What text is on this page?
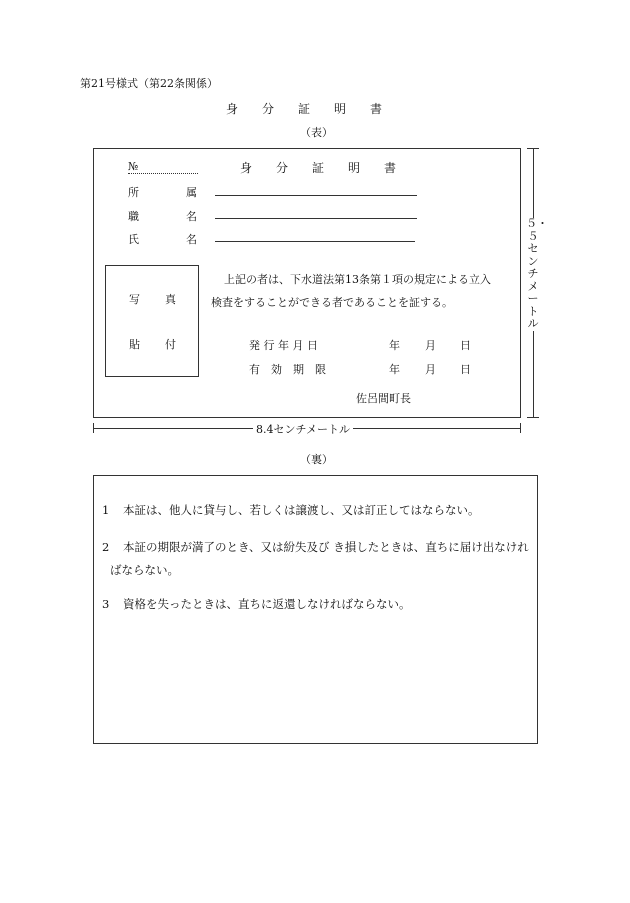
第21号様式（第22条関係）
身　　分　　証　　明　　書
（表）
№	身　　分　　証　　明　　書
所	属
職	名
氏	名
写 真
貼 付
上記の者は、下水道法第13条第１項の規定による立入
検査をすることができる者であることを証する。
発 行 年 月 日	年 月 日
有　効　期　限	年 月 日
佐呂間町長
５・５センチメートル
8.4センチメートル
（裏）
1 本証は、他人に貸与し、若しくは譲渡し、又は訂正してはならない。
2 本証の期限が満了のとき、又は紛失及び き損したときは、直ちに届け出なけれ
ばならない。
3 資格を失ったときは、直ちに返還しなければならない。
